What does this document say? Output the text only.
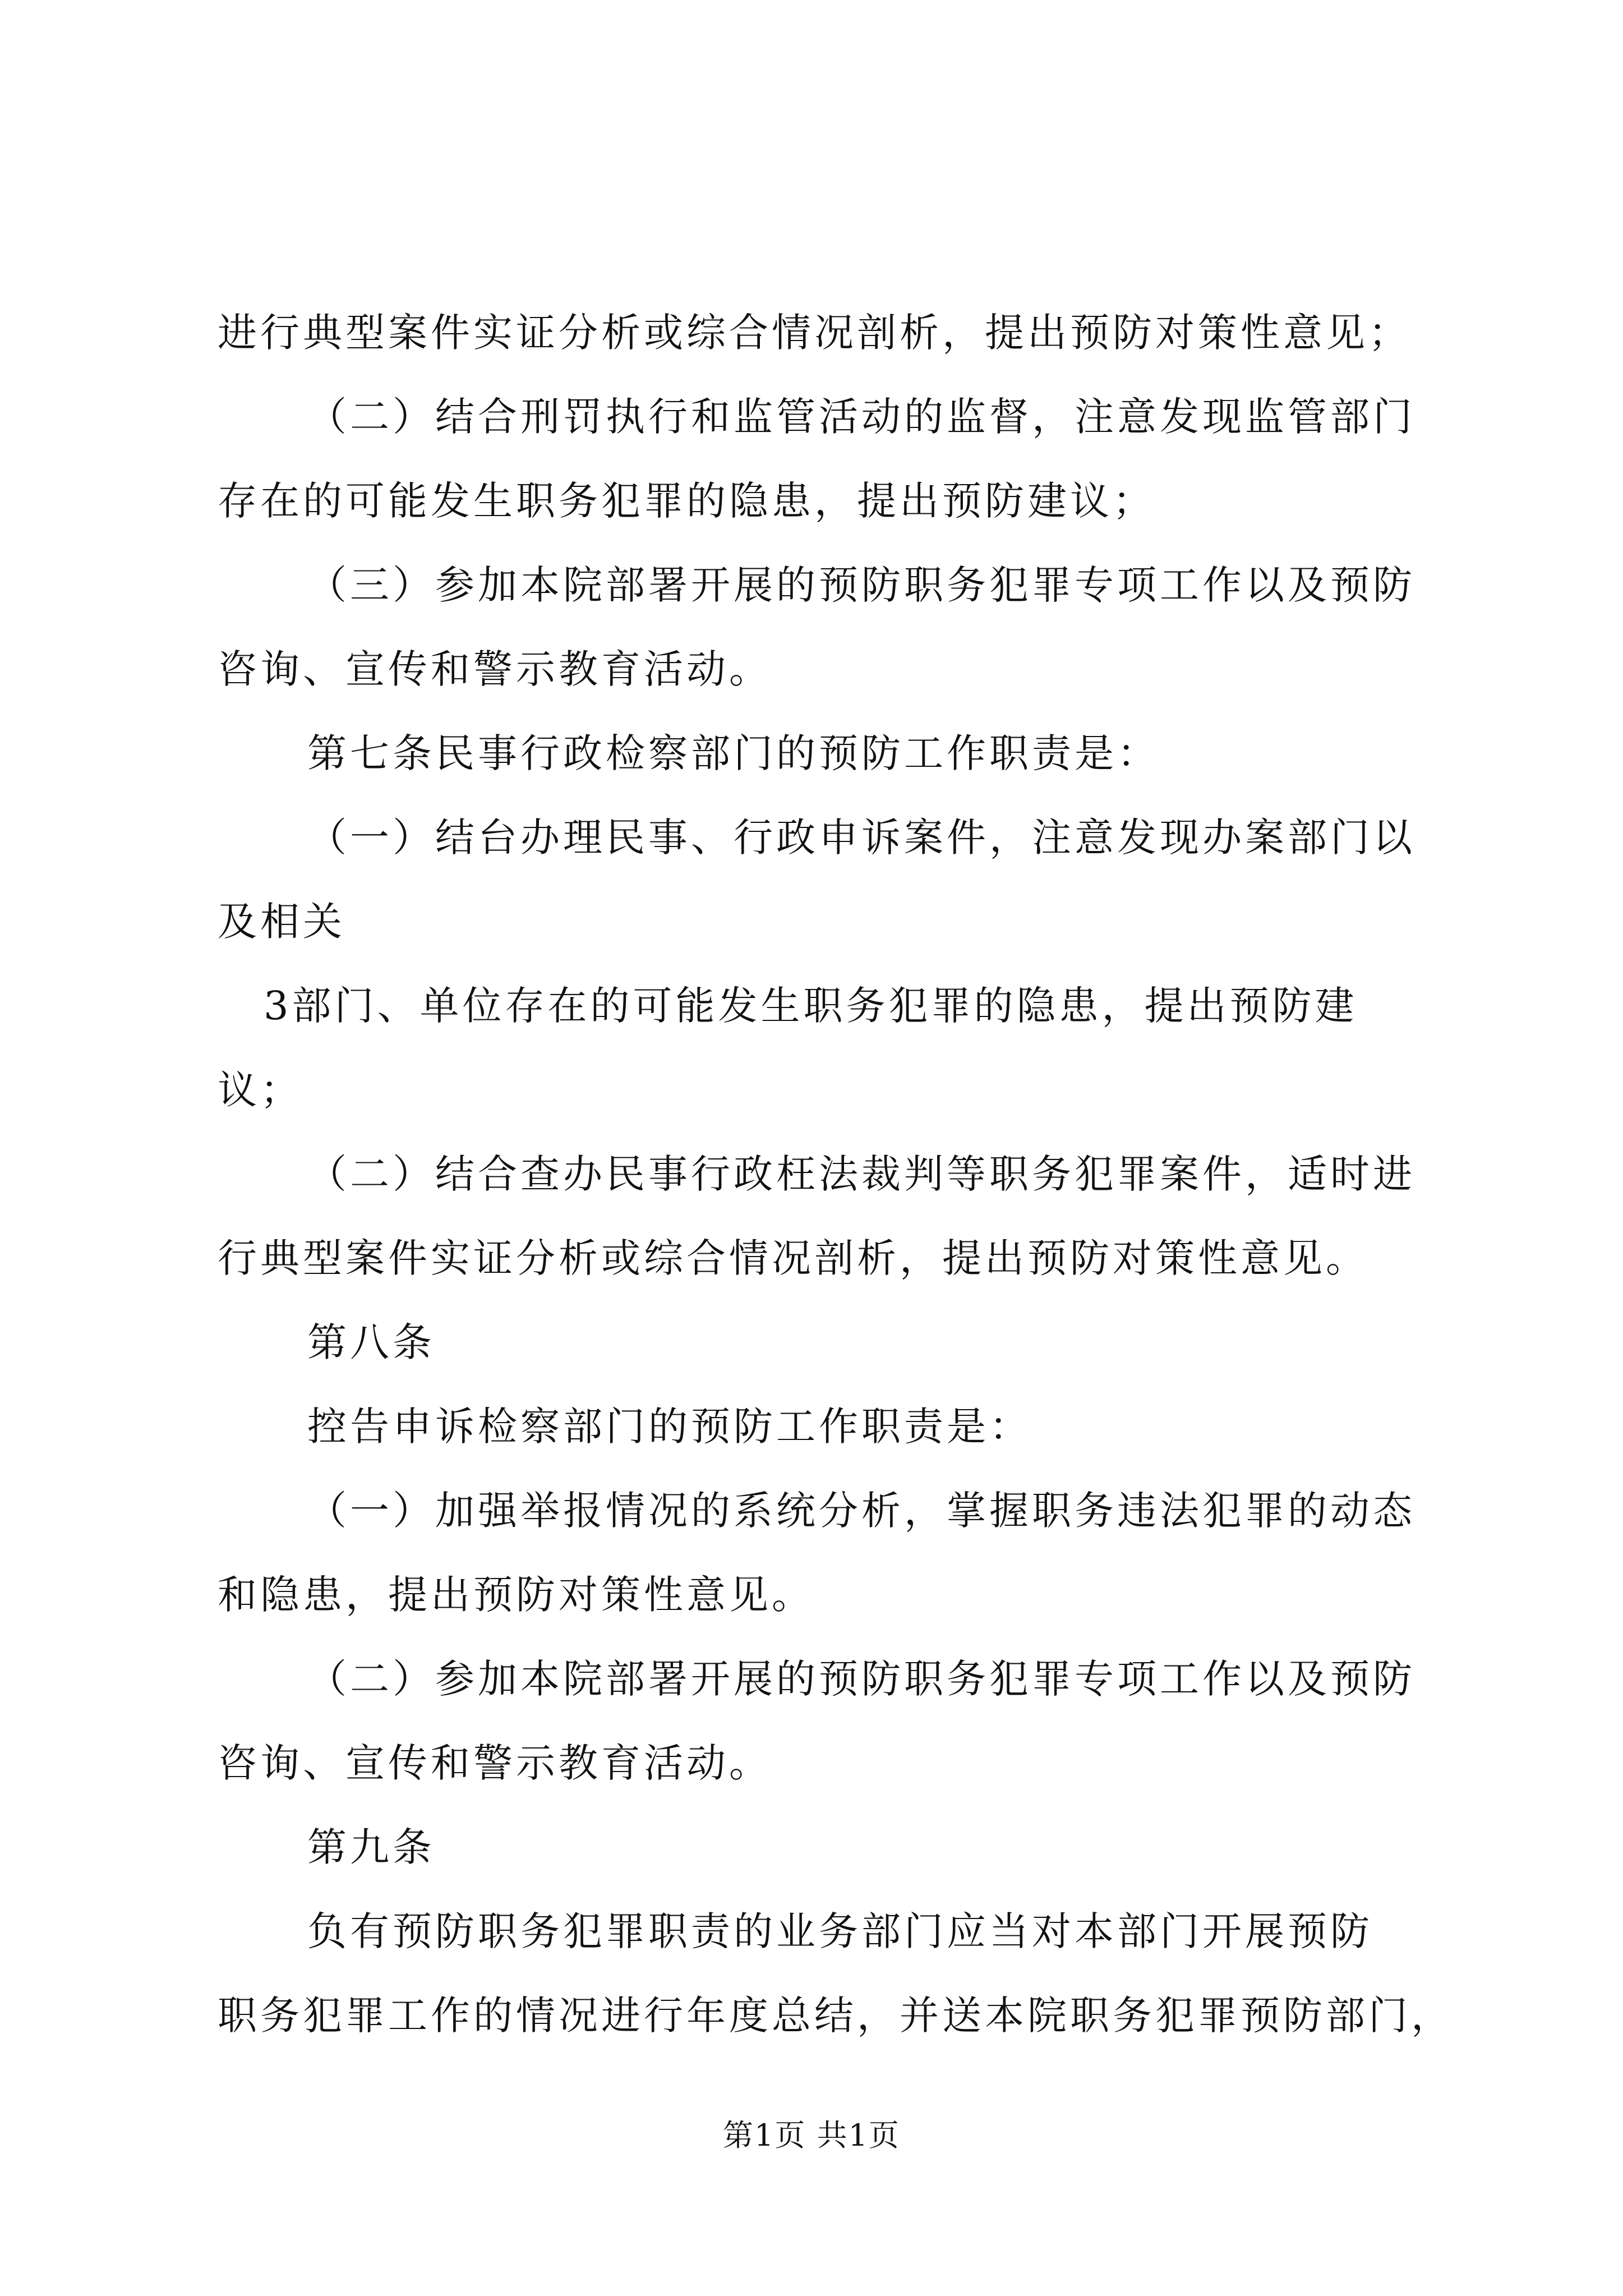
进行典型案件实证分析或综合情况剖析，提出预防对策性意见；
（二）结合刑罚执行和监管活动的监督，注意发现监管部门
存在的可能发生职务犯罪的隐患，提出预防建议；
（三）参加本院部署开展的预防职务犯罪专项工作以及预防
咨询、宣传和警示教育活动。
第七条民事行政检察部门的预防工作职责是：
（一）结台办理民事、行政申诉案件，注意发现办案部门以
及相关
3部门、单位存在的可能发生职务犯罪的隐患，提出预防建
议；
（二）结合查办民事行政枉法裁判等职务犯罪案件，适时进
行典型案件实证分析或综合情况剖析，提出预防对策性意见。
第八条
控告申诉检察部门的预防工作职责是：
（一）加强举报情况的系统分析，掌握职务违法犯罪的动态
和隐患，提出预防对策性意见。
（二）参加本院部署开展的预防职务犯罪专项工作以及预防
咨询、宣传和警示教育活动。
第九条
负有预防职务犯罪职责的业务部门应当对本部门开展预防
职务犯罪工作的情况进行年度总结，并送本院职务犯罪预防部门，
第1页 共1页
